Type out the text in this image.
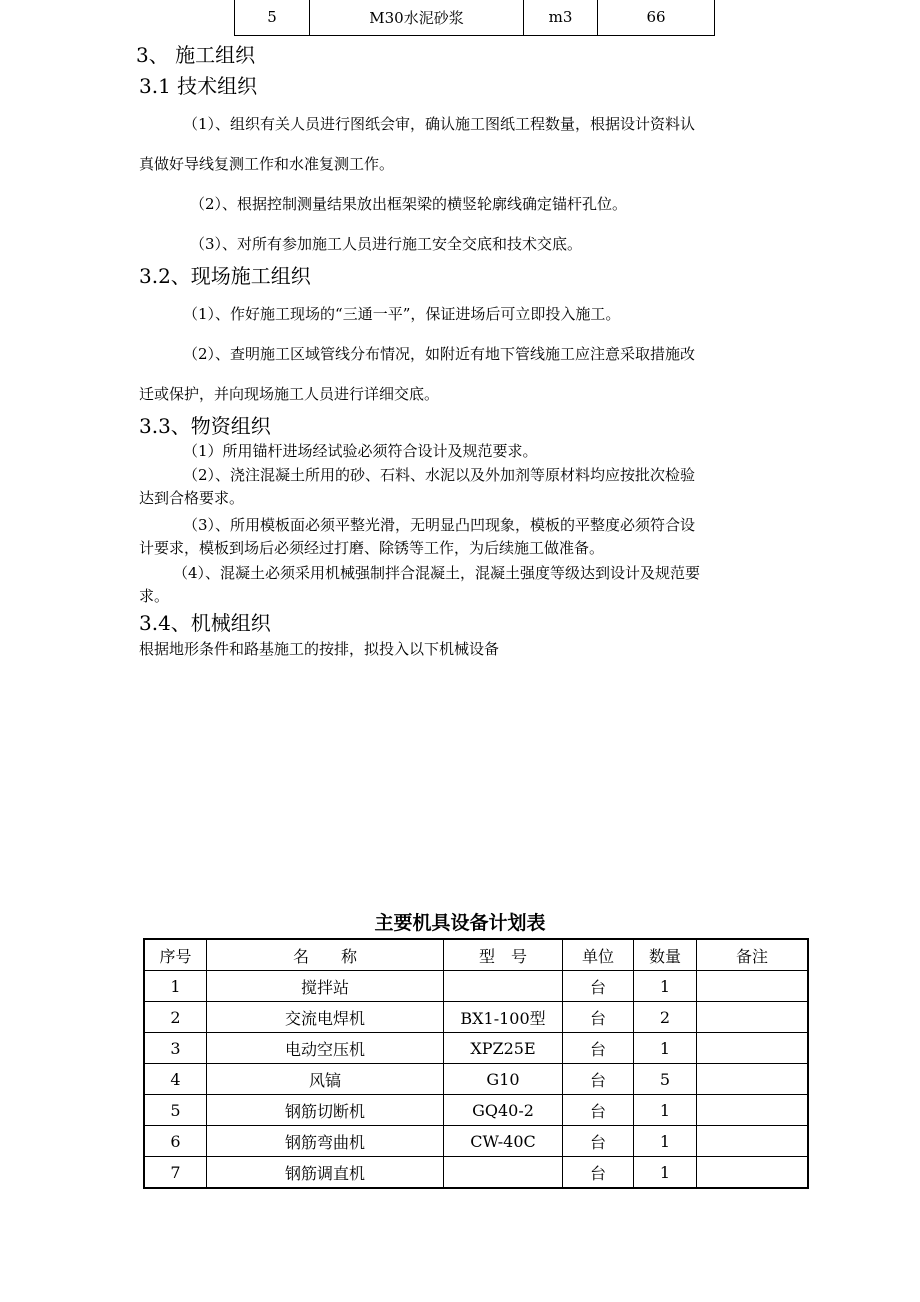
5	M30水泥砂浆	m3	66
3、 施工组织
3.1 技术组织
（1）、组织有关人员进行图纸会审，确认施工图纸工程数量，根据设计资料认
真做好导线复测工作和水准复测工作。
（2）、根据控制测量结果放出框架梁的横竖轮廓线确定锚杆孔位。
（3）、对所有参加施工人员进行施工安全交底和技术交底。
3.2、现场施工组织
（1）、作好施工现场的“三通一平”，保证进场后可立即投入施工。
（2）、查明施工区域管线分布情况，如附近有地下管线施工应注意采取措施改
迁或保护，并向现场施工人员进行详细交底。
3.3、物资组织
（1）所用锚杆进场经试验必须符合设计及规范要求。
（2）、浇注混凝土所用的砂、石料、水泥以及外加剂等原材料均应按批次检验
达到合格要求。
（3）、所用模板面必须平整光滑，无明显凸凹现象，模板的平整度必须符合设
计要求，模板到场后必须经过打磨、除锈等工作，为后续施工做准备。
（4）、混凝土必须采用机械强制拌合混凝土，混凝土强度等级达到设计及规范要
求。
3.4、机械组织
根据地形条件和路基施工的按排，拟投入以下机械设备
主要机具设备计划表
序号	名　　称	型　号	单位	数量	备注
1	搅拌站		台	1	
2	交流电焊机	BX1-100型	台	2	
3	电动空压机	XPZ25E	台	1	
4	风镐	G10	台	5	
5	钢筋切断机	GQ40-2	台	1	
6	钢筋弯曲机	CW-40C	台	1	
7	钢筋调直机		台	1	
